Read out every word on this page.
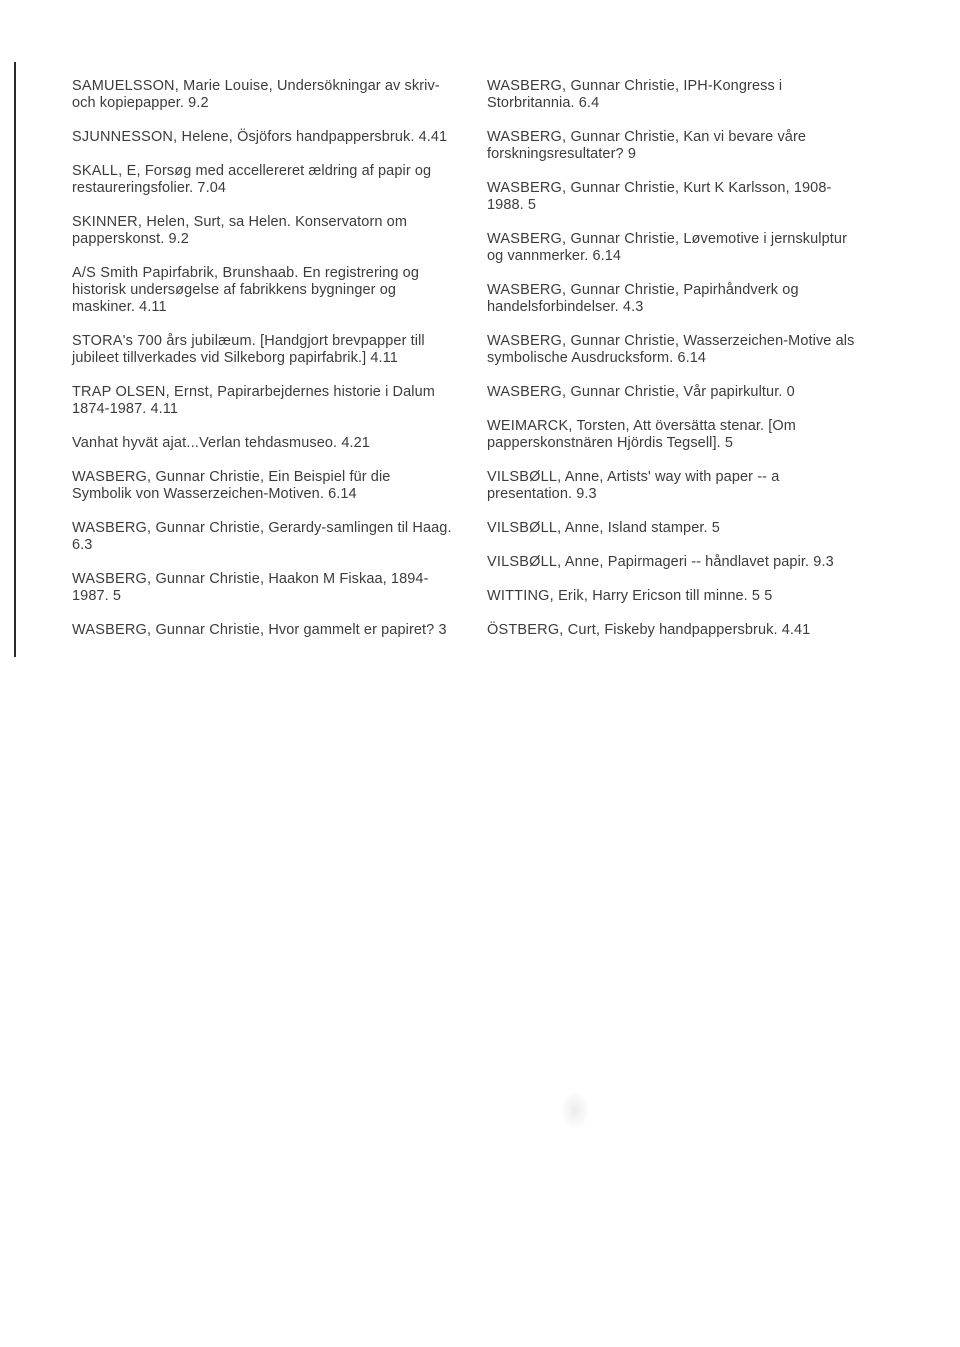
SAMUELSSON, Marie Louise, Undersökningar av skriv- och kopiepapper. 9.2

SJUNNESSON, Helene, Ösjöfors handpappersbruk. 4.41

SKALL, E, Forsøg med accellereret ældring af papir og restaureringsfolier. 7.04

SKINNER, Helen, Surt, sa Helen. Konservatorn om papperskonst. 9.2

A/S Smith Papirfabrik, Brunshaab. En registrering og historisk undersøgelse af fabrikkens bygninger og maskiner. 4.11

STORA's 700 års jubilæum. [Handgjort brevpapper till jubileet tillverkades vid Silkeborg papirfabrik.] 4.11

TRAP OLSEN, Ernst, Papirarbejdernes historie i Dalum 1874-1987. 4.11

Vanhat hyvät ajat...Verlan tehdasmuseo. 4.21

WASBERG, Gunnar Christie, Ein Beispiel für die Symbolik von Wasserzeichen-Motiven. 6.14

WASBERG, Gunnar Christie, Gerardy-samlingen til Haag. 6.3

WASBERG, Gunnar Christie, Haakon M Fiskaa, 1894-1987. 5

WASBERG, Gunnar Christie, Hvor gammelt er papiret? 3

WASBERG, Gunnar Christie, IPH-Kongress i Storbritannia. 6.4

WASBERG, Gunnar Christie, Kan vi bevare våre forskningsresultater? 9

WASBERG, Gunnar Christie, Kurt K Karlsson, 1908-1988. 5

WASBERG, Gunnar Christie, Løvemotive i jernskulptur og vannmerker. 6.14

WASBERG, Gunnar Christie, Papirhåndverk og handelsforbindelser. 4.3

WASBERG, Gunnar Christie, Wasserzeichen-Motive als symbolische Ausdrucksform. 6.14

WASBERG, Gunnar Christie, Vår papirkultur. 0

WEIMARCK, Torsten, Att översätta stenar. [Om papperskonstnären Hjördis Tegsell]. 5

VILSBØLL, Anne, Artists' way with paper -- a presentation. 9.3

VILSBØLL, Anne, Island stamper. 5

VILSBØLL, Anne, Papirmageri -- håndlavet papir. 9.3

WITTING, Erik, Harry Ericson till minne. 5 5

ÖSTBERG, Curt, Fiskeby handpappersbruk. 4.41
